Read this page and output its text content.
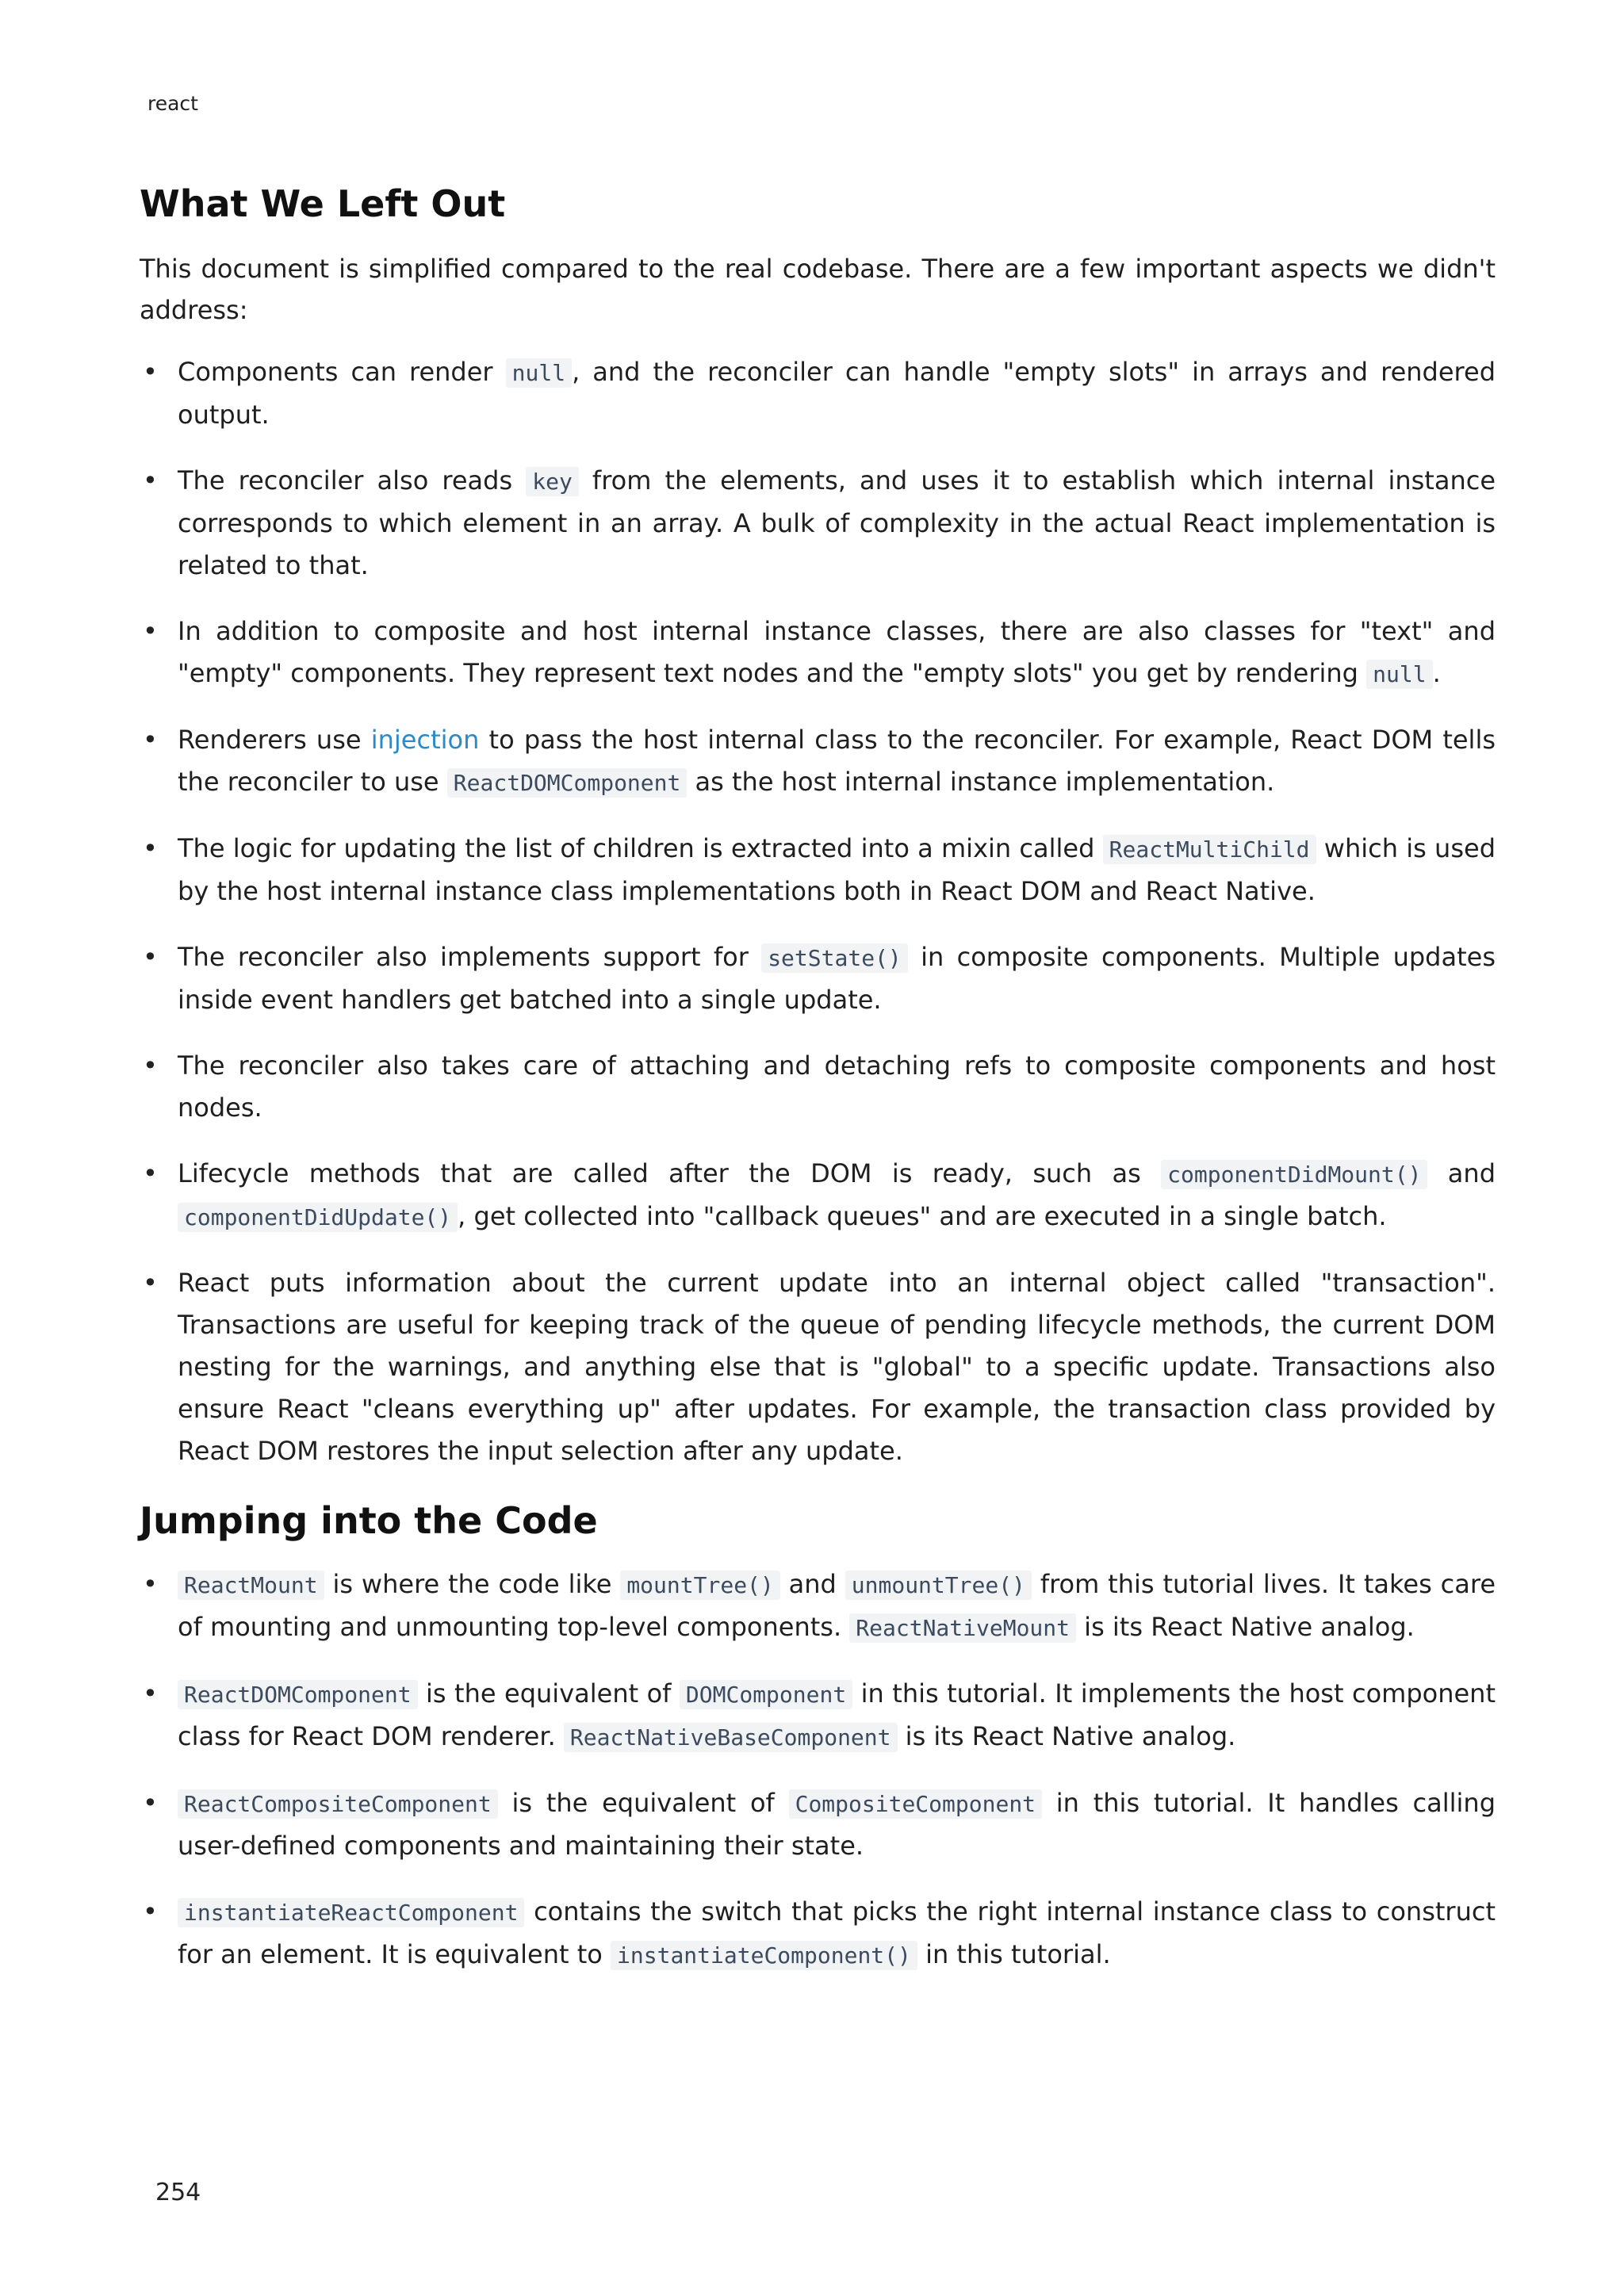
react
What We Left Out

This document is simplified compared to the real codebase. There are a few important aspects we didn't address:

• Components can render null , and the reconciler can handle "empty slots" in arrays and rendered output.
• The reconciler also reads key from the elements, and uses it to establish which internal instance corresponds to which element in an array. A bulk of complexity in the actual React implementation is related to that.
• In addition to composite and host internal instance classes, there are also classes for "text" and "empty" components. They represent text nodes and the "empty slots" you get by rendering null .
• Renderers use injection to pass the host internal class to the reconciler. For example, React DOM tells the reconciler to use ReactDOMComponent as the host internal instance implementation.
• The logic for updating the list of children is extracted into a mixin called ReactMultiChild which is used by the host internal instance class implementations both in React DOM and React Native.
• The reconciler also implements support for setState() in composite components. Multiple updates inside event handlers get batched into a single update.
• The reconciler also takes care of attaching and detaching refs to composite components and host nodes.
• Lifecycle methods that are called after the DOM is ready, such as componentDidMount() and componentDidUpdate() , get collected into "callback queues" and are executed in a single batch.
• React puts information about the current update into an internal object called "transaction". Transactions are useful for keeping track of the queue of pending lifecycle methods, the current DOM nesting for the warnings, and anything else that is "global" to a specific update. Transactions also ensure React "cleans everything up" after updates. For example, the transaction class provided by React DOM restores the input selection after any update.
Jumping into the Code
• ReactMount is where the code like mountTree() and unmountTree() from this tutorial lives. It takes care of mounting and unmounting top-level components. ReactNativeMount is its React Native analog.
• ReactDOMComponent is the equivalent of DOMComponent in this tutorial. It implements the host component class for React DOM renderer. ReactNativeBaseComponent is its React Native analog.
• ReactCompositeComponent is the equivalent of CompositeComponent in this tutorial. It handles calling user-defined components and maintaining their state.
• instantiateReactComponent contains the switch that picks the right internal instance class to construct for an element. It is equivalent to instantiateComponent() in this tutorial.
254
